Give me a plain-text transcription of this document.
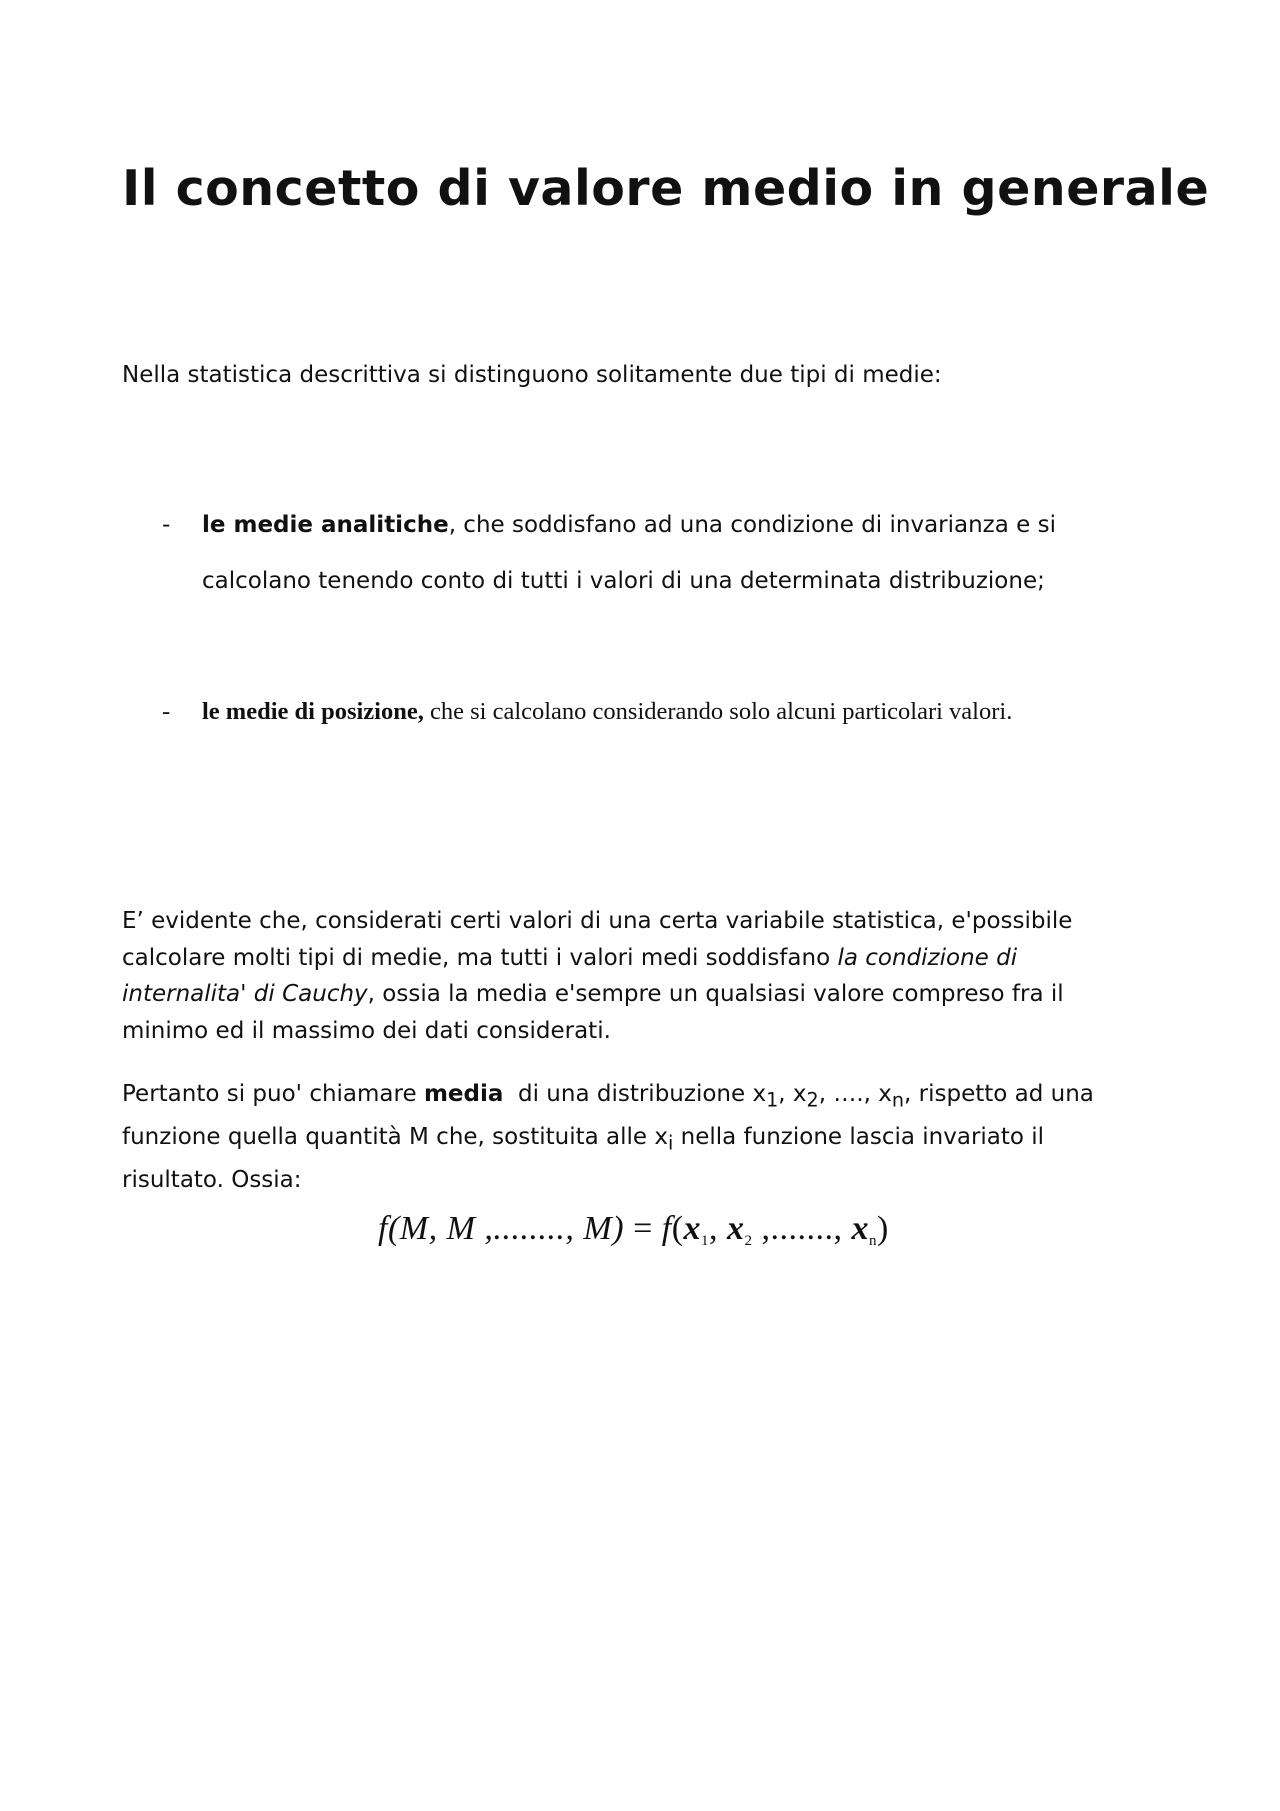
Il concetto di valore medio in generale

Nella statistica descrittiva si distinguono solitamente due tipi di medie:

- le medie analitiche, che soddisfano ad una condizione di invarianza e si
calcolano tenendo conto di tutti i valori di una determinata distribuzione;
- le medie di posizione, che si calcolano considerando solo alcuni particolari valori.
E’ evidente che, considerati certi valori di una certa variabile statistica, e'possibile
calcolare molti tipi di medie, ma tutti i valori medi soddisfano la condizione di
internalita' di Cauchy, ossia la media e'sempre un qualsiasi valore compreso fra il
minimo ed il massimo dei dati considerati.
Pertanto si puo' chiamare media  di una distribuzione $x_1$, $x_2$, …., $x_n$, rispetto ad una
funzione quella quantità M che, sostituita alle $x_i$ nella funzione lascia invariato il
risultato. Ossia:
f(M, M ,........, $M) = f(x_1$, $x_2$ ,......., $x_n$)
